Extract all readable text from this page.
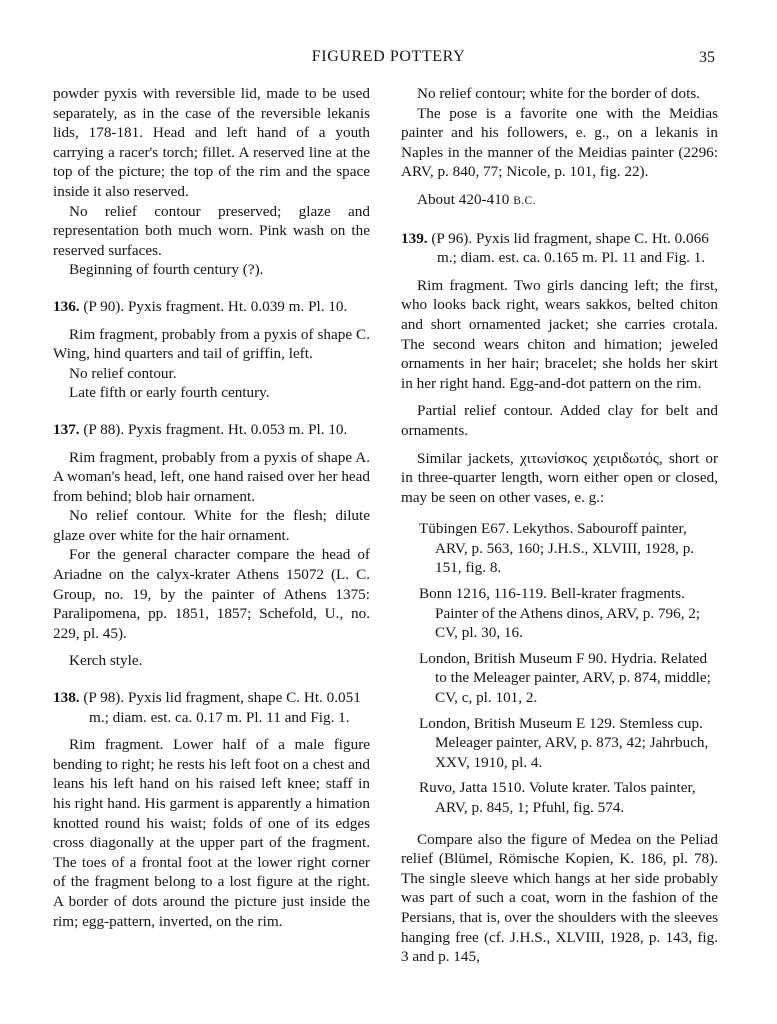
FIGURED POTTERY	35

powder pyxis with reversible lid, made to be used separately, as in the case of the reversible lekanis lids, 178-181. Head and left hand of a youth carrying a racer's torch; fillet. A reserved line at the top of the picture; the top of the rim and the space inside it also reserved.

No relief contour preserved; glaze and representation both much worn. Pink wash on the reserved surfaces.

Beginning of fourth century (?).

136. (P 90). Pyxis fragment. Ht. 0.039 m. Pl. 10.

Rim fragment, probably from a pyxis of shape C. Wing, hind quarters and tail of griffin, left.

No relief contour.

Late fifth or early fourth century.

137. (P 88). Pyxis fragment. Ht. 0.053 m. Pl. 10.

Rim fragment, probably from a pyxis of shape A. A woman's head, left, one hand raised over her head from behind; blob hair ornament.

No relief contour. White for the flesh; dilute glaze over white for the hair ornament.

For the general character compare the head of Ariadne on the calyx-krater Athens 15072 (L. C. Group, no. 19, by the painter of Athens 1375: Paralipomena, pp. 1851, 1857; Schefold, U., no. 229, pl. 45).

Kerch style.

138. (P 98). Pyxis lid fragment, shape C. Ht. 0.051 m.; diam. est. ca. 0.17 m. Pl. 11 and Fig. 1.

Rim fragment. Lower half of a male figure bending to right; he rests his left foot on a chest and leans his left hand on his raised left knee; staff in his right hand. His garment is apparently a himation knotted round his waist; folds of one of its edges cross diagonally at the upper part of the fragment. The toes of a frontal foot at the lower right corner of the fragment belong to a lost figure at the right. A border of dots around the picture just inside the rim; egg-pattern, inverted, on the rim.

No relief contour; white for the border of dots.

The pose is a favorite one with the Meidias painter and his followers, e. g., on a lekanis in Naples in the manner of the Meidias painter (2296: ARV, p. 840, 77; Nicole, p. 101, fig. 22).

About 420-410 B.C.

139. (P 96). Pyxis lid fragment, shape C. Ht. 0.066 m.; diam. est. ca. 0.165 m. Pl. 11 and Fig. 1.

Rim fragment. Two girls dancing left; the first, who looks back right, wears sakkos, belted chiton and short ornamented jacket; she carries crotala. The second wears chiton and himation; jeweled ornaments in her hair; bracelet; she holds her skirt in her right hand. Egg-and-dot pattern on the rim.

Partial relief contour. Added clay for belt and ornaments.

Similar jackets, χιτωνίσκος χειριδωτός, short or in three-quarter length, worn either open or closed, may be seen on other vases, e. g.:

Tübingen E67. Lekythos. Sabouroff painter, ARV, p. 563, 160; J.H.S., XLVIII, 1928, p. 151, fig. 8.

Bonn 1216, 116-119. Bell-krater fragments. Painter of the Athens dinos, ARV, p. 796, 2; CV, pl. 30, 16.

London, British Museum F 90. Hydria. Related to the Meleager painter, ARV, p. 874, middle; CV, c, pl. 101, 2.

London, British Museum E 129. Stemless cup. Meleager painter, ARV, p. 873, 42; Jahrbuch, XXV, 1910, pl. 4.

Ruvo, Jatta 1510. Volute krater. Talos painter, ARV, p. 845, 1; Pfuhl, fig. 574.

Compare also the figure of Medea on the Peliad relief (Blümel, Römische Kopien, K. 186, pl. 78). The single sleeve which hangs at her side probably was part of such a coat, worn in the fashion of the Persians, that is, over the shoulders with the sleeves hanging free (cf. J.H.S., XLVIII, 1928, p. 143, fig. 3 and p. 145,
